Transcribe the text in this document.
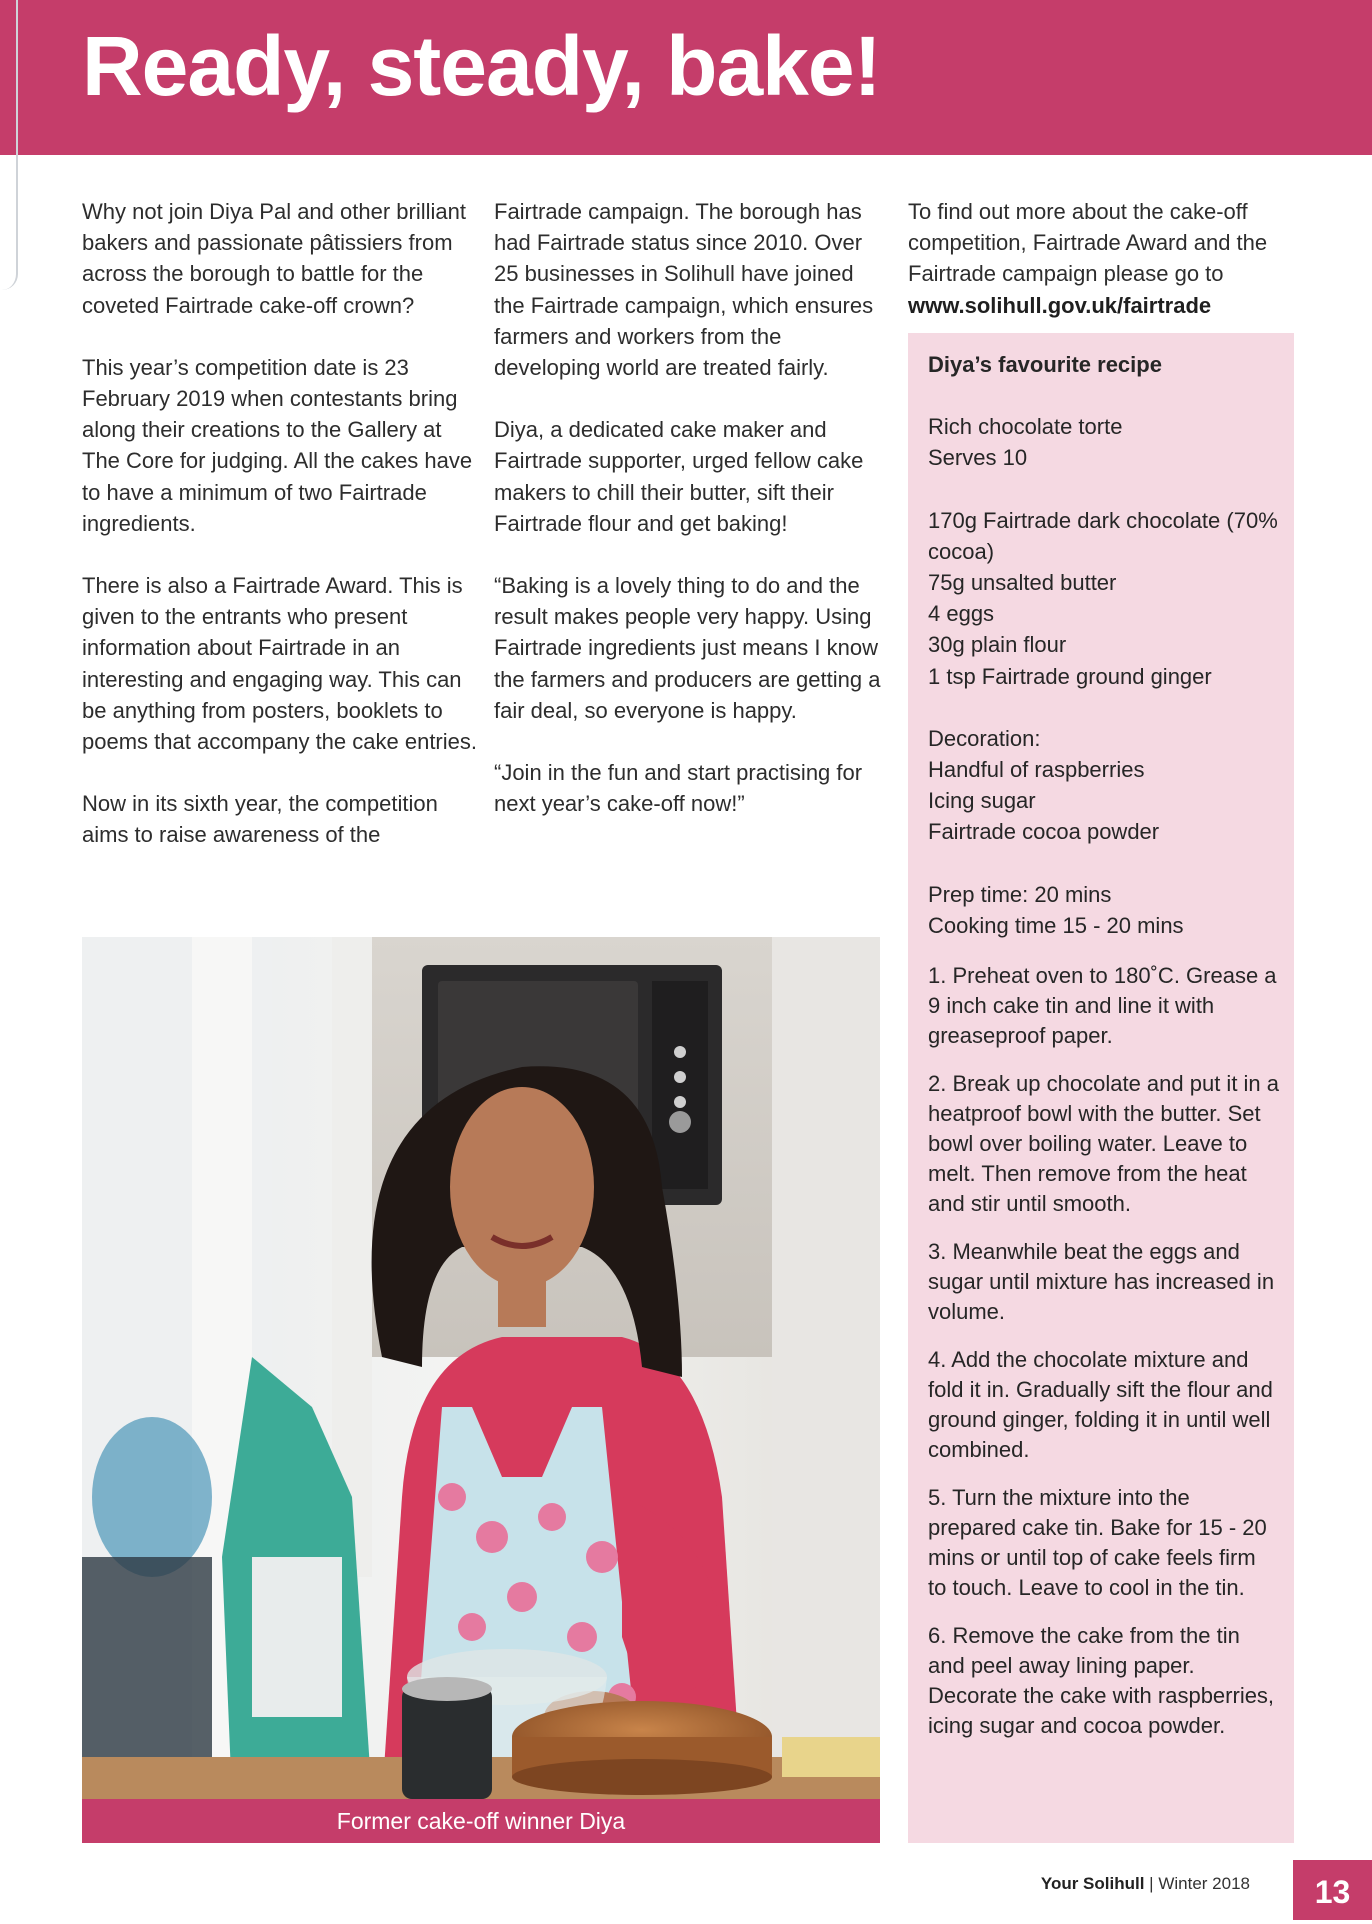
Ready, steady, bake!

Why not join Diya Pal and other brilliant bakers and passionate pâtissiers from across the borough to battle for the coveted Fairtrade cake-off crown?

This year’s competition date is 23 February 2019 when contestants bring along their creations to the Gallery at The Core for judging. All the cakes have to have a minimum of two Fairtrade ingredients.

There is also a Fairtrade Award. This is given to the entrants who present information about Fairtrade in an interesting and engaging way. This can be anything from posters, booklets to poems that accompany the cake entries.

Now in its sixth year, the competition aims to raise awareness of the

Fairtrade campaign. The borough has had Fairtrade status since 2010. Over 25 businesses in Solihull have joined the Fairtrade campaign, which ensures farmers and workers from the developing world are treated fairly.

Diya, a dedicated cake maker and Fairtrade supporter, urged fellow cake makers to chill their butter, sift their Fairtrade flour and get baking!

“Baking is a lovely thing to do and the result makes people very happy. Using Fairtrade ingredients just means I know the farmers and producers are getting a fair deal, so everyone is happy.

“Join in the fun and start practising for next year’s cake-off now!”

To find out more about the cake-off competition, Fairtrade Award and the Fairtrade campaign please go to
www.solihull.gov.uk/fairtrade
Diya’s favourite recipe
Rich chocolate torte
Serves 10
170g Fairtrade dark chocolate (70% cocoa)
75g unsalted butter
4 eggs
30g plain flour
1 tsp Fairtrade ground ginger
Decoration:
Handful of raspberries
Icing sugar
Fairtrade cocoa powder
Prep time: 20 mins
Cooking time 15 - 20 mins
1. Preheat oven to 180˚C. Grease a 9 inch cake tin and line it with greaseproof paper.
2. Break up chocolate and put it in a heatproof bowl with the butter. Set bowl over boiling water. Leave to melt. Then remove from the heat and stir until smooth.
3. Meanwhile beat the eggs and sugar until mixture has increased in volume.
4. Add the chocolate mixture and fold it in. Gradually sift the flour and ground ginger, folding it in until well combined.
5. Turn the mixture into the prepared cake tin. Bake for 15 - 20 mins or until top of cake feels firm to touch. Leave to cool in the tin.
6. Remove the cake from the tin and peel away lining paper. Decorate the cake with raspberries, icing sugar and cocoa powder.
Former cake-off winner Diya
Your Solihull | Winter 2018	13
